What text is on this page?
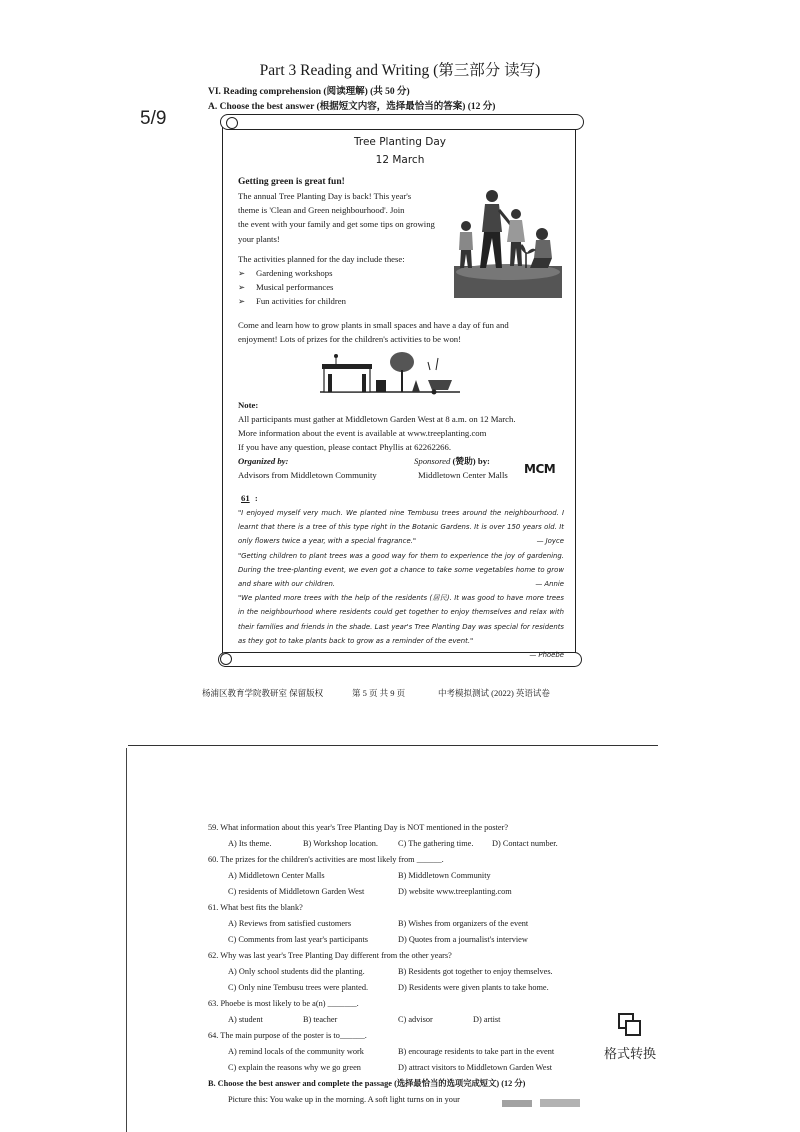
Part 3 Reading and Writing (第三部分 读写)
VI. Reading comprehension (阅读理解) (共 50 分)
A. Choose the best answer (根据短文内容，选择最恰当的答案) (12 分)
5/9
Tree Planting Day
12 March
Getting green is great fun!
The annual Tree Planting Day is back! This year's
theme is 'Clean and Green neighbourhood'. Join
the event with your family and get some tips on growing
your plants!
The activities planned for the day include these:
➢ Gardening workshops
➢ Musical performances
➢ Fun activities for children
Come and learn how to grow plants in small spaces and have a day of fun and
enjoyment! Lots of prizes for the children's activities to be won!
Note:
All participants must gather at Middletown Garden West at 8 a.m. on 12 March.
More information about the event is available at www.treeplanting.com
If you have any question, please contact Phyllis at 62262266.
Organized by:
Advisors from Middletown Community
Sponsored (赞助) by:
Middletown Center Malls	MCM
61 :
"I enjoyed myself very much. We planted nine Tembusu trees around the neighbourhood. I learnt that there is a tree of this type right in the Botanic Gardens. It is over 150 years old. It only flowers twice a year, with a special fragrance."	— Joyce
"Getting children to plant trees was a good way for them to experience the joy of gardening. During the tree-planting event, we even got a chance to take some vegetables home to grow and share with our children.	— Annie
"We planted more trees with the help of the residents (居民). It was good to have more trees in the neighbourhood where residents could get together to enjoy themselves and relax with their families and friends in the shade. Last year's Tree Planting Day was special for residents as they got to take plants back to grow as a reminder of the event."
— Phoebe
杨浦区教育学院教研室 保留版权	第 5 页 共 9 页	中考模拟测试 (2022) 英语试卷
59. What information about this year's Tree Planting Day is NOT mentioned in the poster?
A) Its theme.	B) Workshop location. C) The gathering time. D) Contact number.
60. The prizes for the children's activities are most likely from ______.
A) Middletown Center Malls	B) Middletown Community
C) residents of Middletown Garden West	D) website www.treeplanting.com
61. What best fits the blank?
A) Reviews from satisfied customers	B) Wishes from organizers of the event
C) Comments from last year's participants	D) Quotes from a journalist's interview
62. Why was last year's Tree Planting Day different from the other years?
A) Only school students did the planting.	B) Residents got together to enjoy themselves.
C) Only nine Tembusu trees were planted.	D) Residents were given plants to take home.
63. Phoebe is most likely to be a(n) _______.
A) student	B) teacher	C) advisor	D) artist
64. The main purpose of the poster is to______.
A) remind locals of the community work	B) encourage residents to take part in the event
C) explain the reasons why we go green	D) attract visitors to Middletown Garden West
B. Choose the best answer and complete the passage (选择最恰当的选项完成短文) (12 分)
Picture this: You wake up in the morning. A soft light turns on in your
格式转换
